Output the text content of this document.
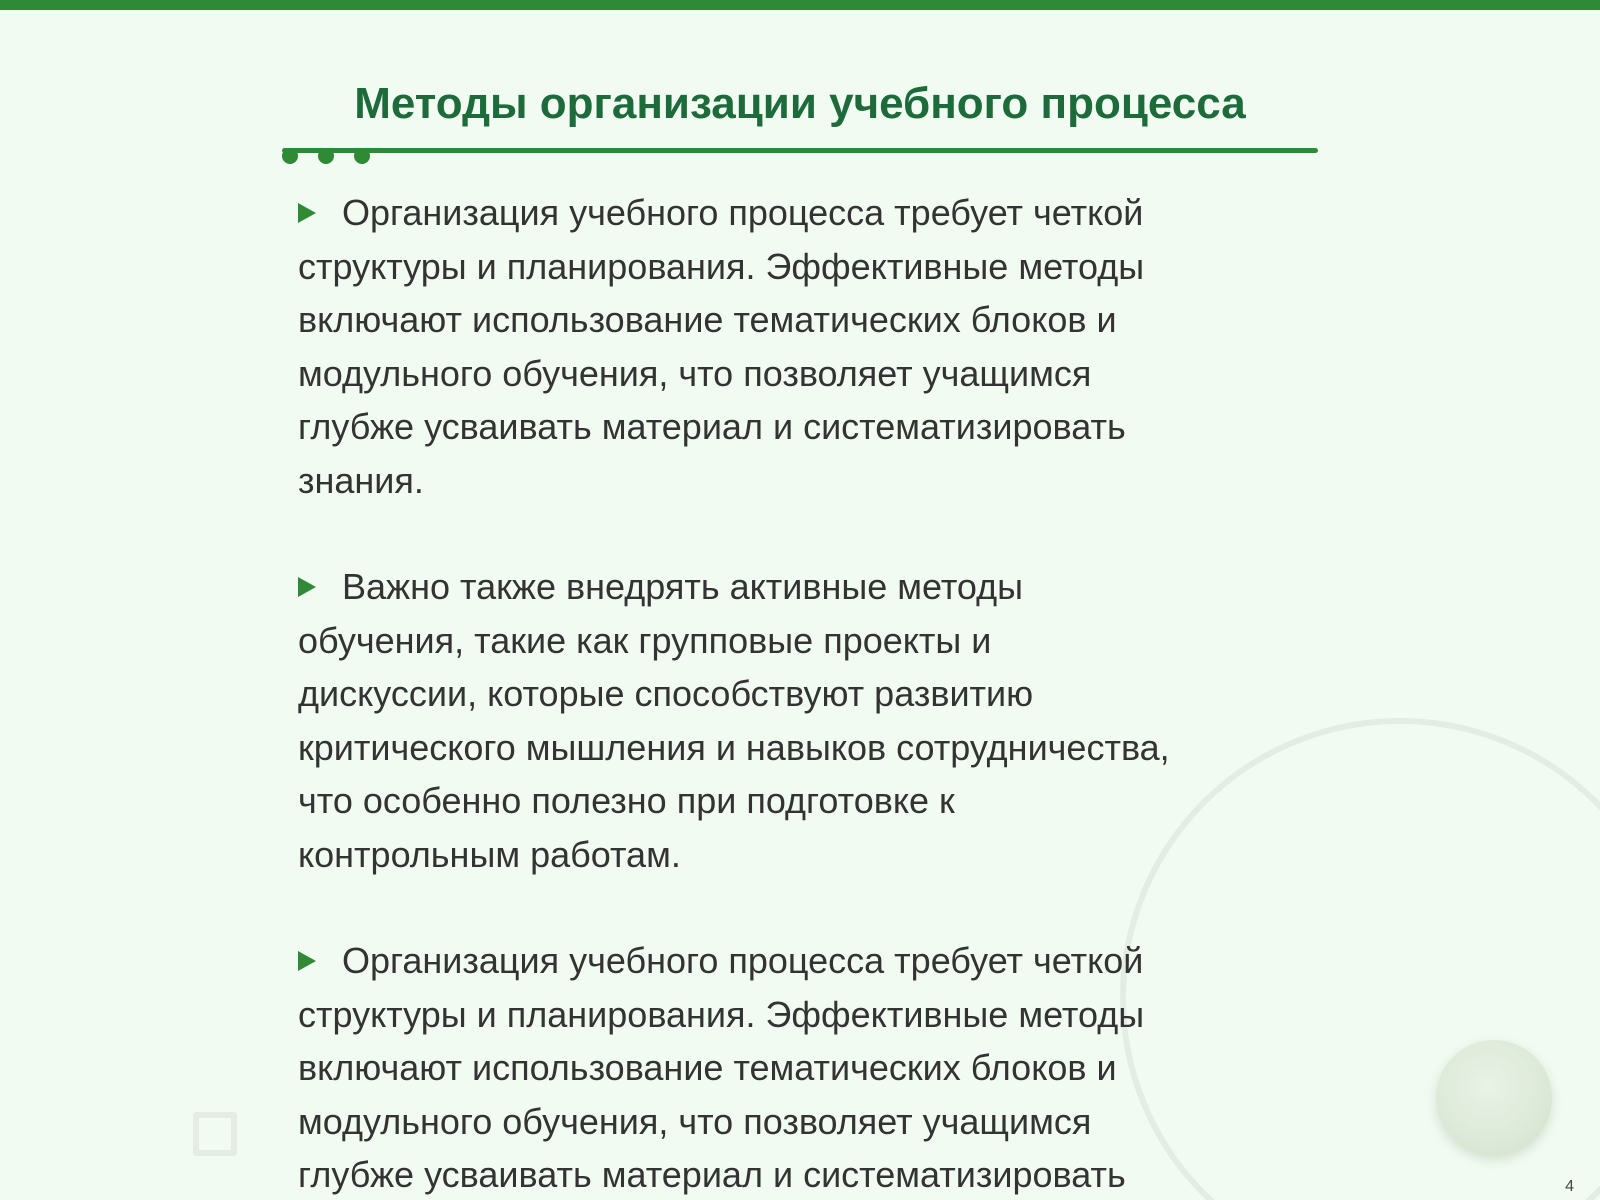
Методы организации учебного процесса

Организация учебного процесса требует четкой
структуры и планирования. Эффективные методы
включают использование тематических блоков и
модульного обучения, что позволяет учащимся
глубже усваивать материал и систематизировать
знания.

Важно также внедрять активные методы
обучения, такие как групповые проекты и
дискуссии, которые способствуют развитию
критического мышления и навыков сотрудничества,
что особенно полезно при подготовке к
контрольным работам.

Организация учебного процесса требует четкой
структуры и планирования. Эффективные методы
включают использование тематических блоков и
модульного обучения, что позволяет учащимся
глубже усваивать материал и систематизировать	4
